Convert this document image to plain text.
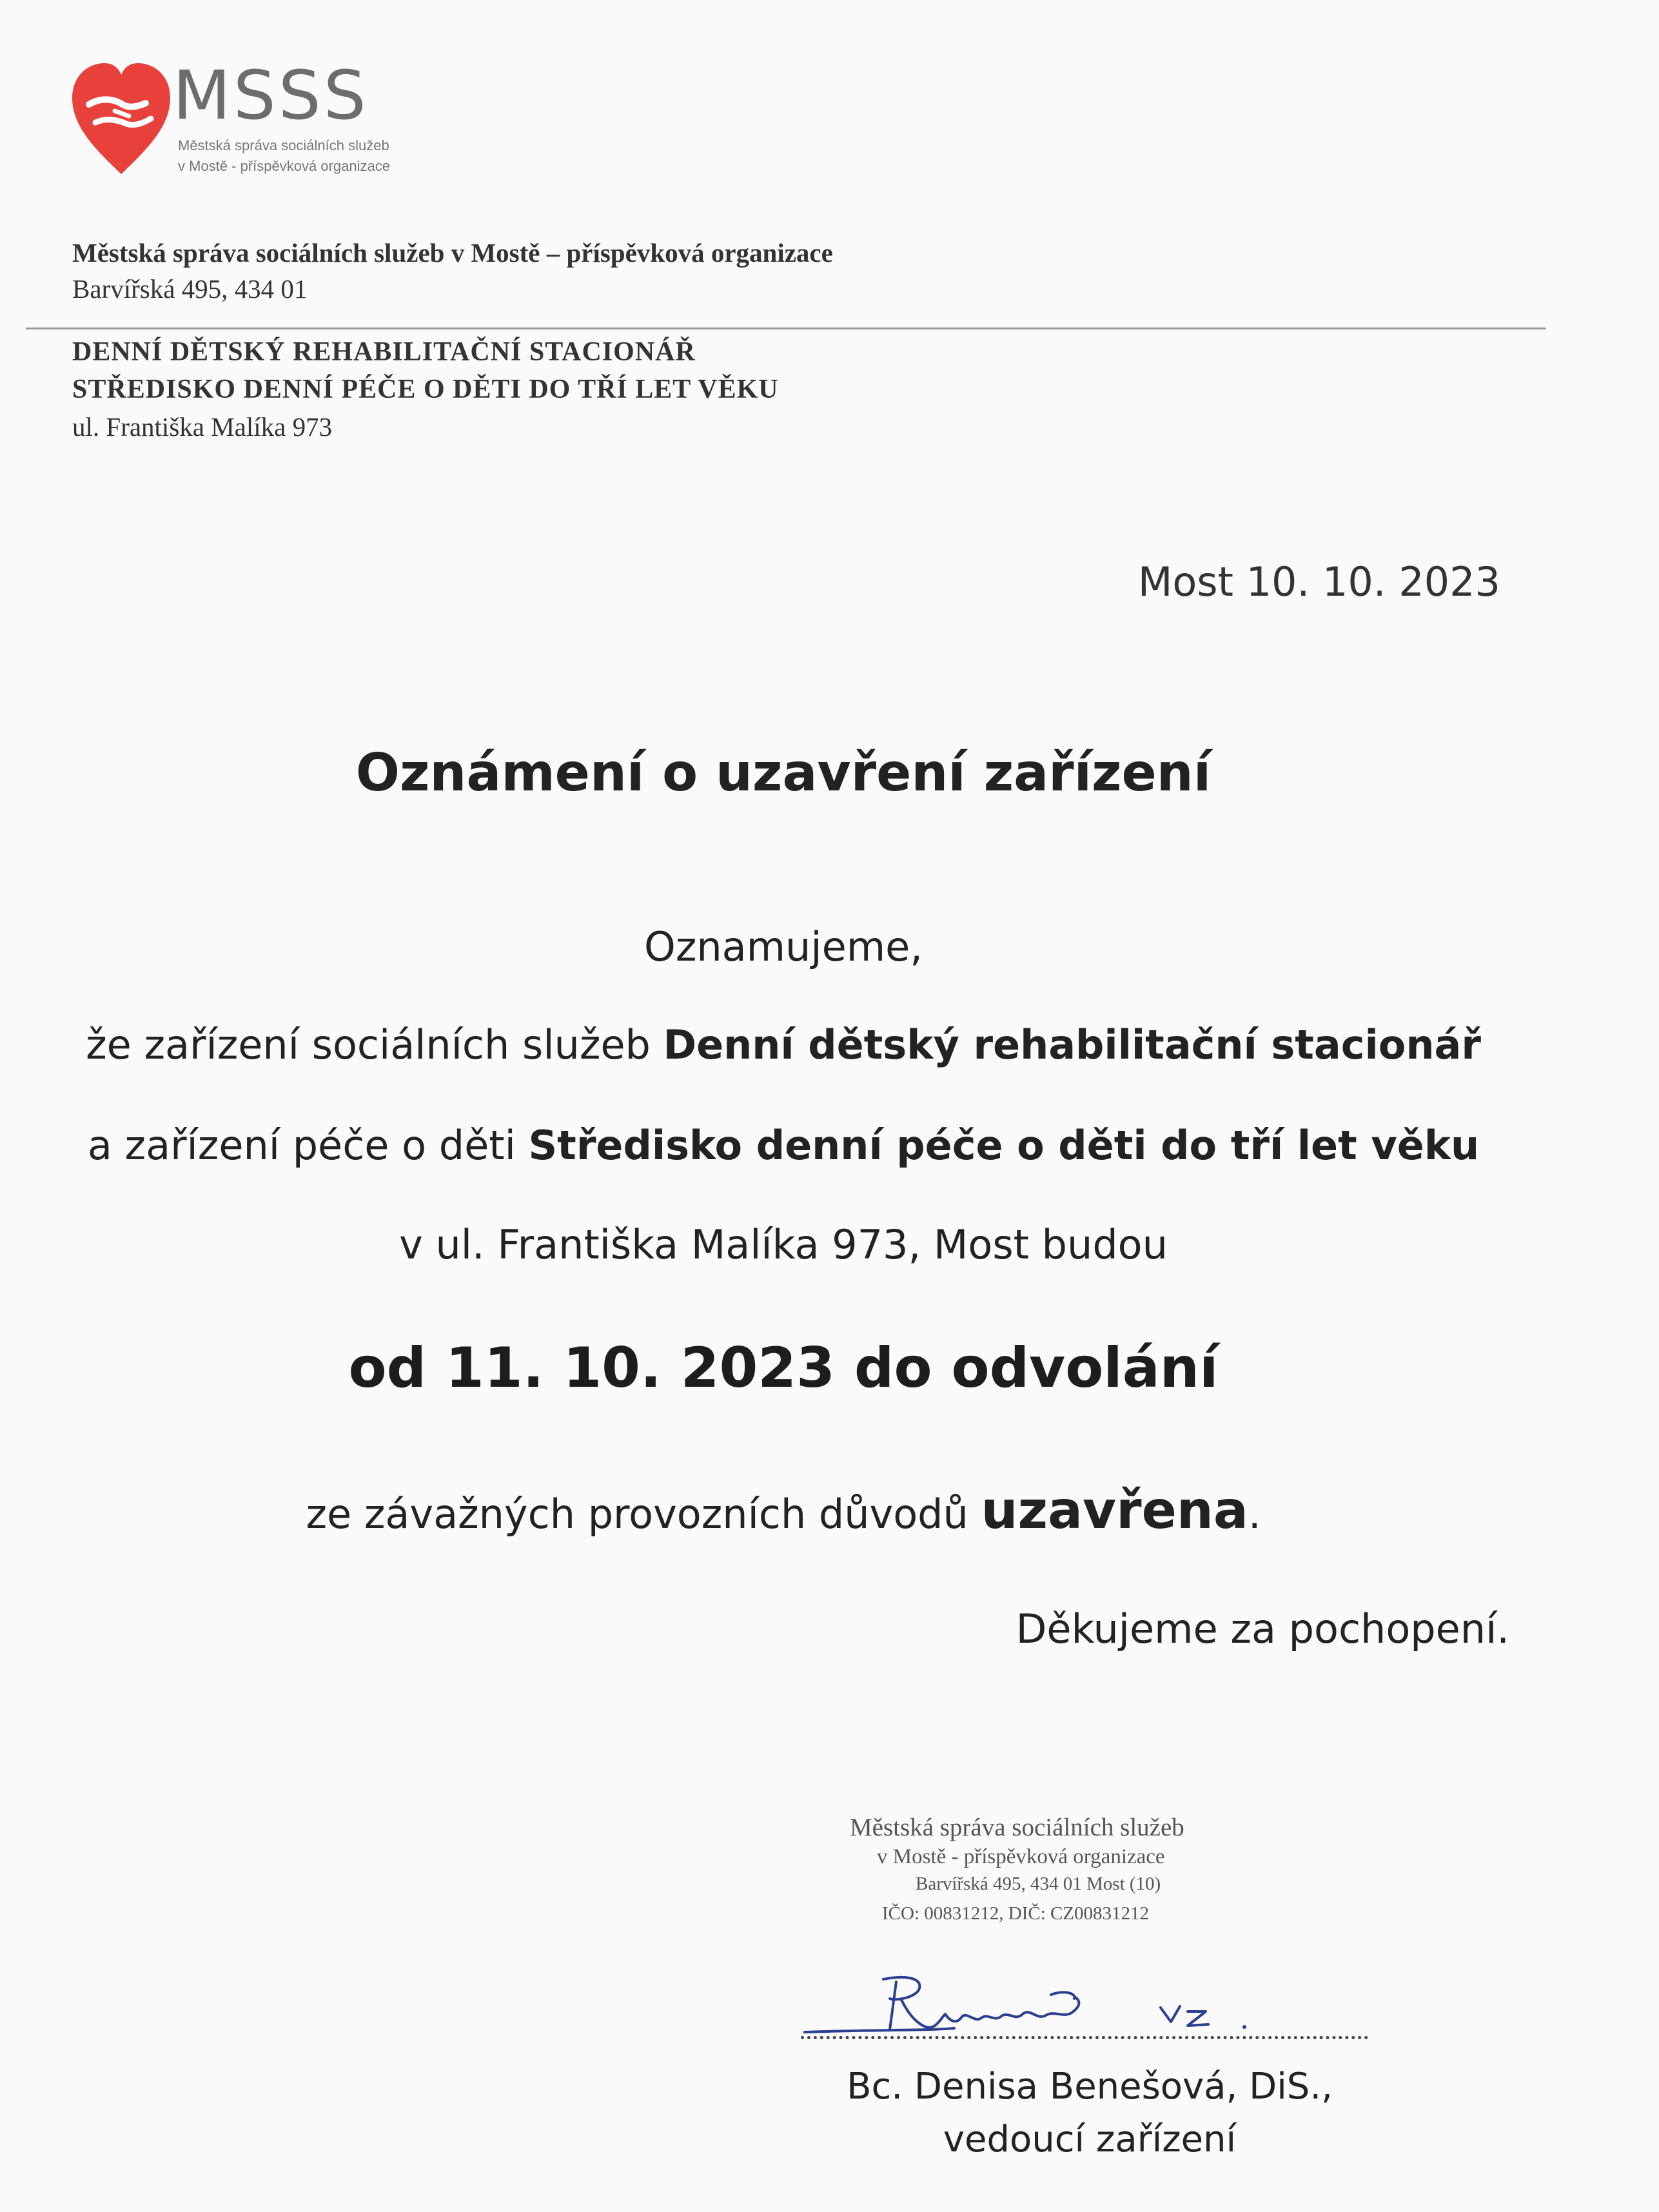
MSSS
Městská správa sociálních služeb
v Mostě - příspěvková organizace
Městská správa sociálních služeb v Mostě – příspěvková organizace
Barvířská 495, 434 01
DENNÍ DĚTSKÝ REHABILITAČNÍ STACIONÁŘ
STŘEDISKO DENNÍ PÉČE O DĚTI DO TŘÍ LET VĚKU
ul. Františka Malíka 973
Most 10. 10. 2023
Oznámení o uzavření zařízení
Oznamujeme,
že zařízení sociálních služeb Denní dětský rehabilitační stacionář
a zařízení péče o děti Středisko denní péče o děti do tří let věku
v ul. Františka Malíka 973, Most budou
od 11. 10. 2023 do odvolání
ze závažných provozních důvodů uzavřena.
Děkujeme za pochopení.
Městská správa sociálních služeb
v Mostě - příspěvková organizace
Barvířská 495, 434 01 Most (10)
IČO: 00831212, DIČ: CZ00831212
Bc. Denisa Benešová, DiS.,
vedoucí zařízení
